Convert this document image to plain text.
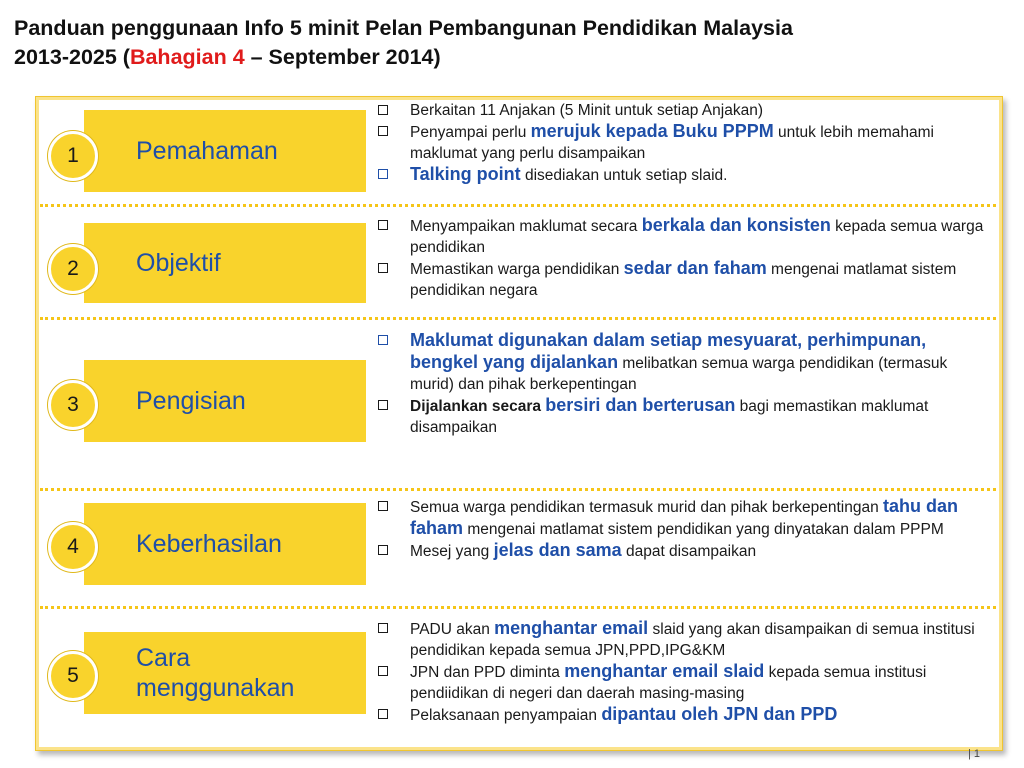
Panduan penggunaan Info 5 minit Pelan Pembangunan Pendidikan Malaysia
2013-2025 (Bahagian 4 – September 2014)
Pemahaman
1
Berkaitan 11 Anjakan (5 Minit untuk setiap Anjakan)
Penyampai perlu merujuk kepada Buku PPPM untuk lebih memahami maklumat yang perlu disampaikan
Talking point disediakan untuk setiap slaid.
Objektif
2
Menyampaikan maklumat secara berkala dan konsisten kepada semua warga pendidikan
Memastikan warga pendidikan sedar dan faham mengenai matlamat sistem pendidikan negara
Pengisian
3
Maklumat digunakan dalam setiap mesyuarat, perhimpunan, bengkel yang dijalankan melibatkan semua warga pendidikan (termasuk murid) dan pihak berkepentingan
Dijalankan secara bersiri dan berterusan bagi memastikan maklumat disampaikan
Keberhasilan
4
Semua warga pendidikan termasuk murid dan pihak berkepentingan tahu dan faham mengenai matlamat sistem pendidikan yang dinyatakan dalam PPPM
Mesej yang jelas dan sama dapat disampaikan
Cara
menggunakan
5
PADU akan menghantar email slaid yang akan disampaikan di semua institusi pendidikan kepada semua JPN,PPD,IPG&KM
JPN dan PPD diminta menghantar email slaid kepada semua institusi pendiidikan di negeri dan daerah masing-masing
Pelaksanaan penyampaian dipantau oleh JPN dan PPD
| 1
